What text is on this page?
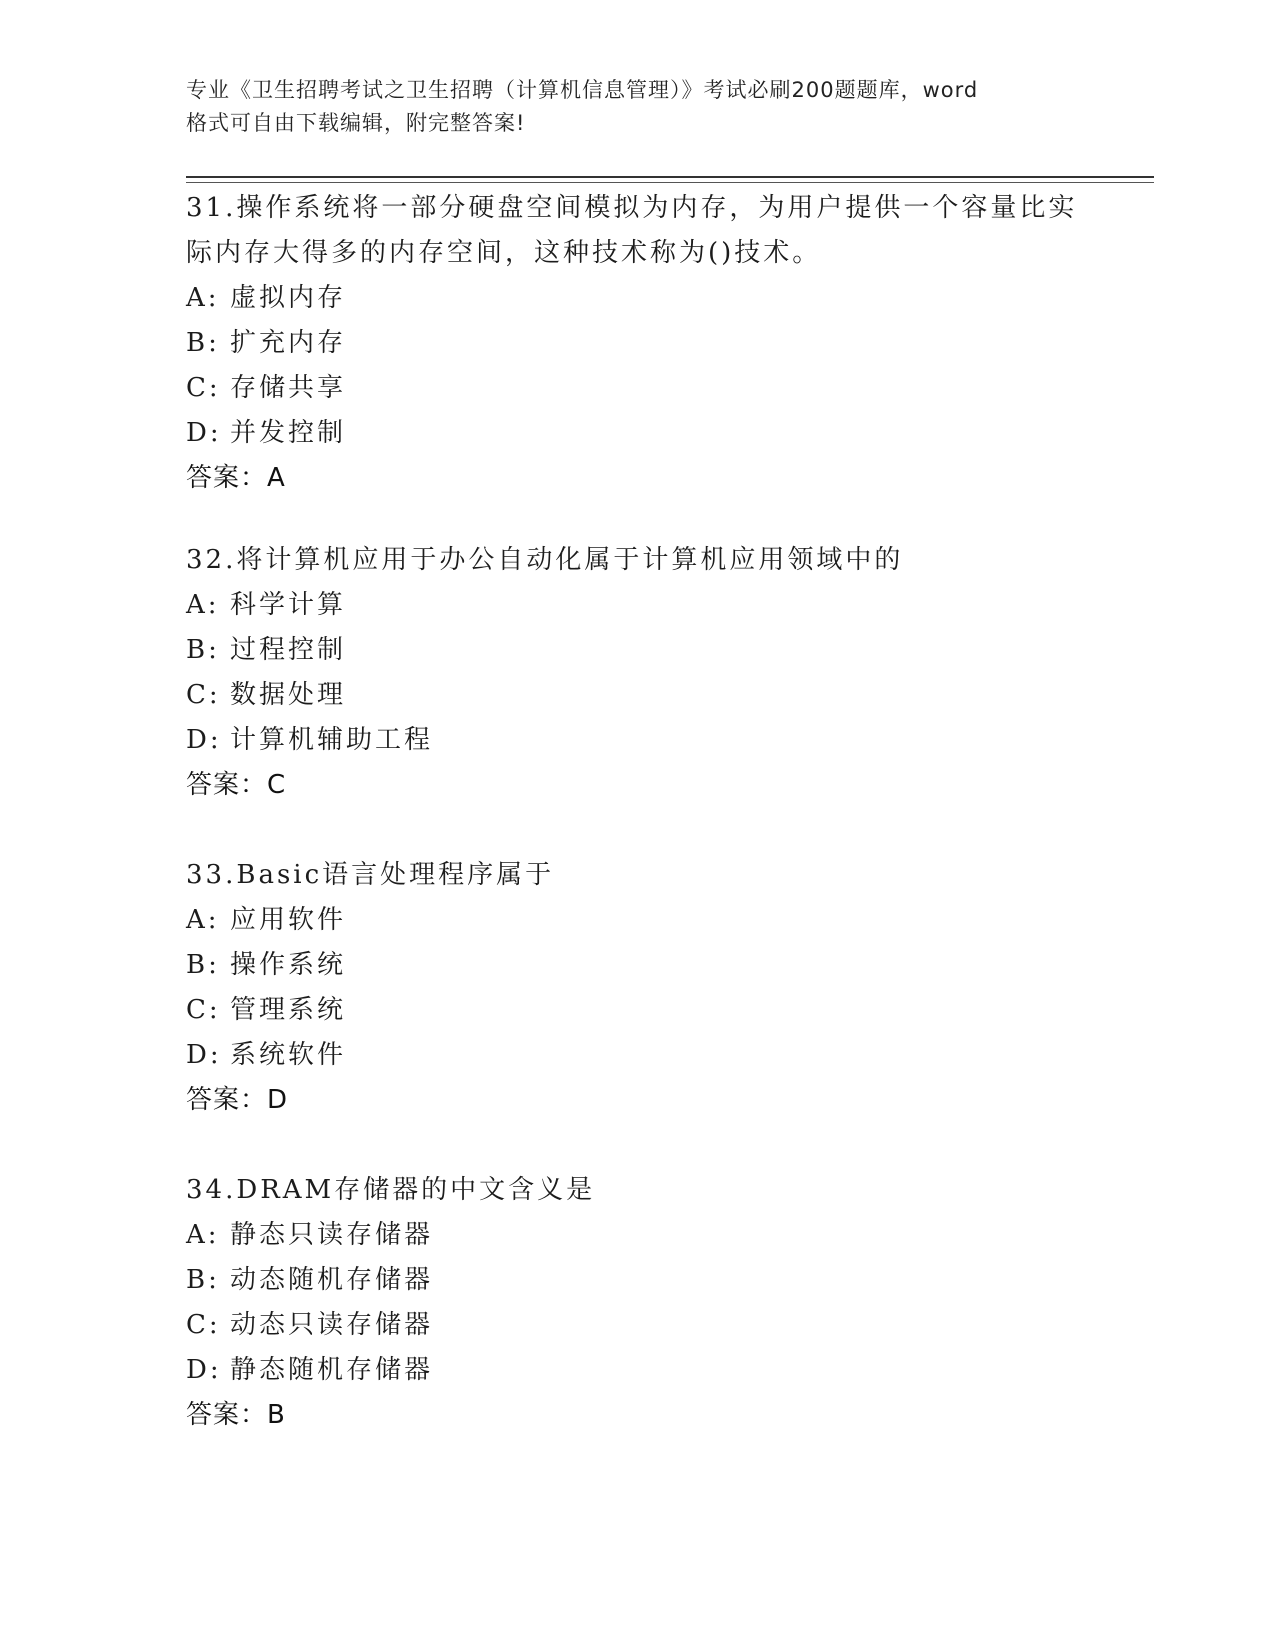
专业《卫生招聘考试之卫生招聘（计算机信息管理）》考试必刷200题题库，word
格式可自由下载编辑，附完整答案!

31.操作系统将一部分硬盘空间模拟为内存，为用户提供一个容量比实

际内存大得多的内存空间，这种技术称为()技术。

A: 虚拟内存

B: 扩充内存

C: 存储共享

D: 并发控制

答案：A

32.将计算机应用于办公自动化属于计算机应用领域中的

A: 科学计算

B: 过程控制

C: 数据处理

D: 计算机辅助工程

答案：C

33.Basic语言处理程序属于

A: 应用软件

B: 操作系统

C: 管理系统

D: 系统软件

答案：D

34.DRAM存储器的中文含义是

A: 静态只读存储器

B: 动态随机存储器

C: 动态只读存储器

D: 静态随机存储器

答案：B
